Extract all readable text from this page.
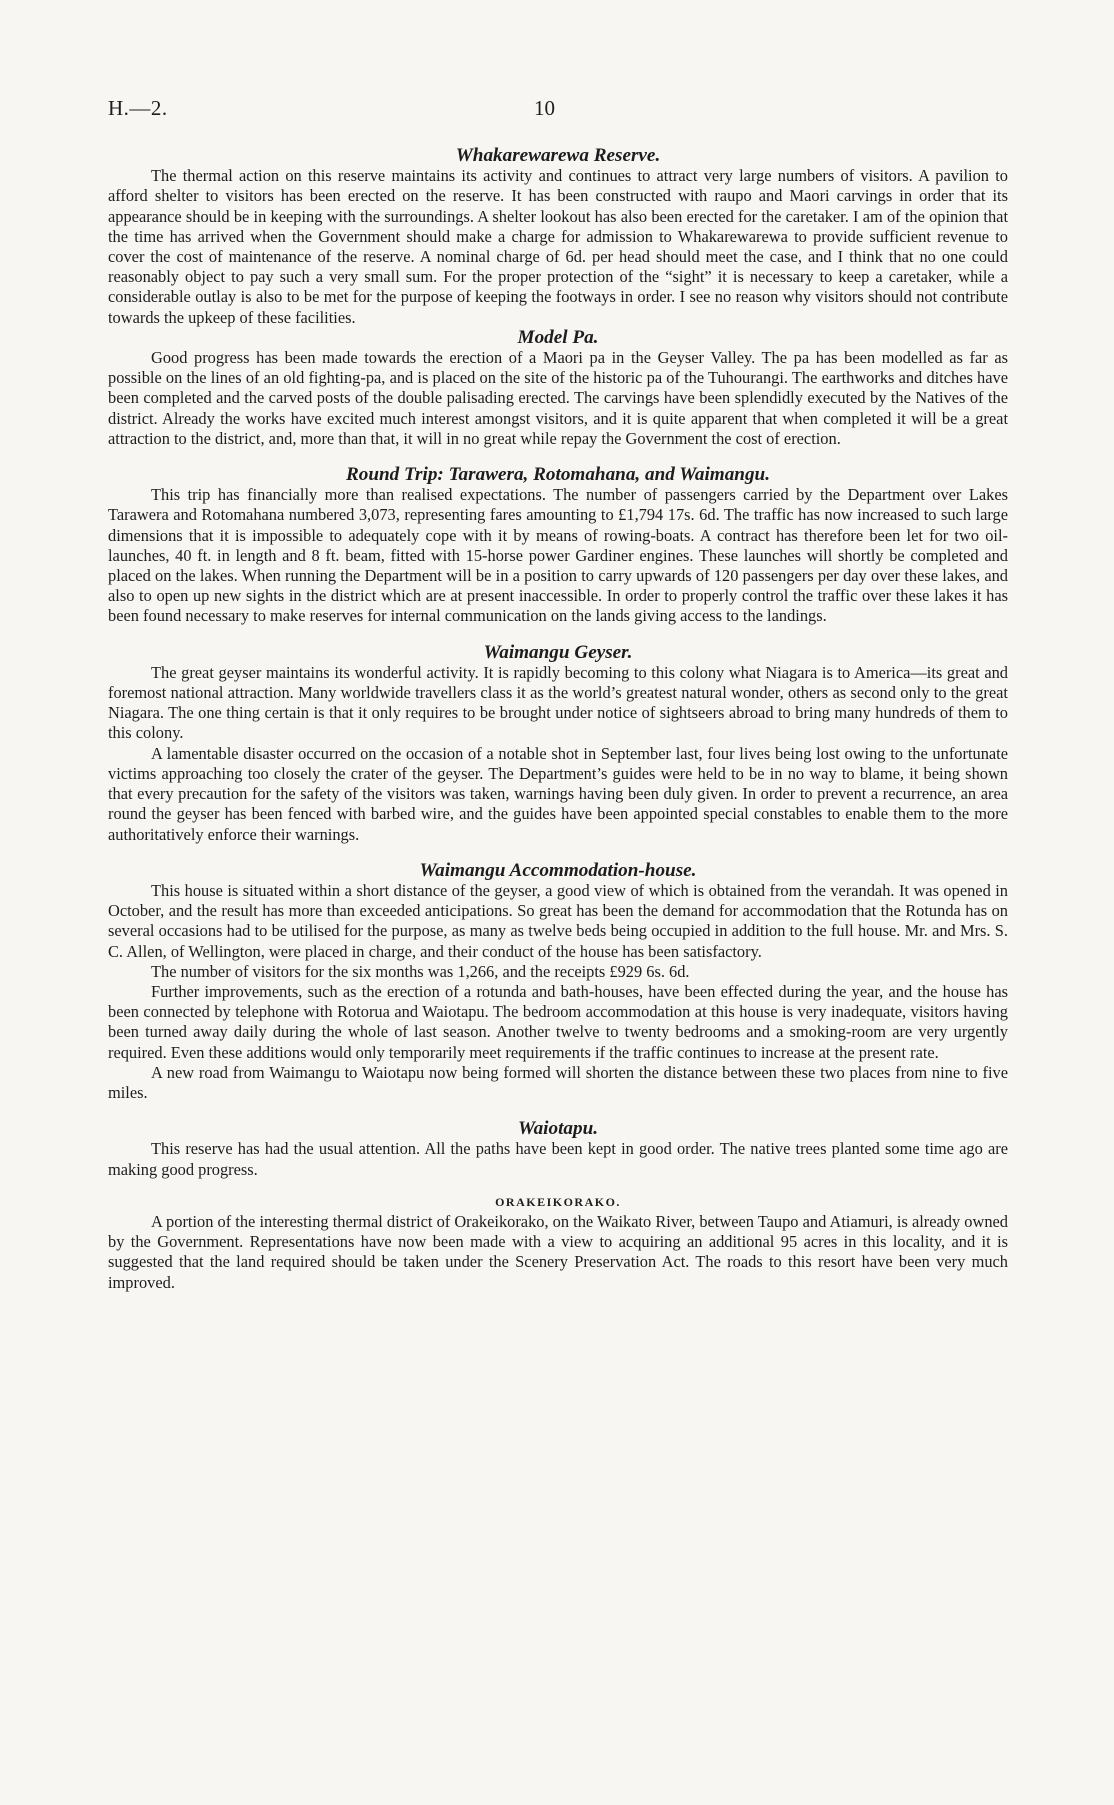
H.—2.	10
Whakarewarewa Reserve.

The thermal action on this reserve maintains its activity and continues to attract very large numbers of visitors. A pavilion to afford shelter to visitors has been erected on the reserve. It has been constructed with raupo and Maori carvings in order that its appearance should be in keeping with the surroundings. A shelter lookout has also been erected for the caretaker. I am of the opinion that the time has arrived when the Government should make a charge for admission to Whakarewarewa to provide sufficient revenue to cover the cost of maintenance of the reserve. A nominal charge of 6d. per head should meet the case, and I think that no one could reasonably object to pay such a very small sum. For the proper protection of the “sight” it is necessary to keep a caretaker, while a considerable outlay is also to be met for the purpose of keeping the footways in order. I see no reason why visitors should not contribute towards the upkeep of these facilities.

Model Pa.

Good progress has been made towards the erection of a Maori pa in the Geyser Valley. The pa has been modelled as far as possible on the lines of an old fighting-pa, and is placed on the site of the historic pa of the Tuhourangi. The earthworks and ditches have been completed and the carved posts of the double palisading erected. The carvings have been splendidly executed by the Natives of the district. Already the works have excited much interest amongst visitors, and it is quite apparent that when completed it will be a great attraction to the district, and, more than that, it will in no great while repay the Government the cost of erection.

Round Trip: Tarawera, Rotomahana, and Waimangu.

This trip has financially more than realised expectations. The number of passengers carried by the Department over Lakes Tarawera and Rotomahana numbered 3,073, representing fares amounting to £1,794 17s. 6d. The traffic has now increased to such large dimensions that it is impossible to adequately cope with it by means of rowing-boats. A contract has therefore been let for two oil-launches, 40 ft. in length and 8 ft. beam, fitted with 15-horse power Gardiner engines. These launches will shortly be completed and placed on the lakes. When running the Department will be in a position to carry upwards of 120 passengers per day over these lakes, and also to open up new sights in the district which are at present inaccessible. In order to properly control the traffic over these lakes it has been found necessary to make reserves for internal communication on the lands giving access to the landings.

Waimangu Geyser.

The great geyser maintains its wonderful activity. It is rapidly becoming to this colony what Niagara is to America—its great and foremost national attraction. Many worldwide travellers class it as the world’s greatest natural wonder, others as second only to the great Niagara. The one thing certain is that it only requires to be brought under notice of sightseers abroad to bring many hundreds of them to this colony.

A lamentable disaster occurred on the occasion of a notable shot in September last, four lives being lost owing to the unfortunate victims approaching too closely the crater of the geyser. The Department’s guides were held to be in no way to blame, it being shown that every precaution for the safety of the visitors was taken, warnings having been duly given. In order to prevent a recurrence, an area round the geyser has been fenced with barbed wire, and the guides have been appointed special constables to enable them to the more authoritatively enforce their warnings.

Waimangu Accommodation-house.

This house is situated within a short distance of the geyser, a good view of which is obtained from the verandah. It was opened in October, and the result has more than exceeded anticipations. So great has been the demand for accommodation that the Rotunda has on several occasions had to be utilised for the purpose, as many as twelve beds being occupied in addition to the full house. Mr. and Mrs. S. C. Allen, of Wellington, were placed in charge, and their conduct of the house has been satisfactory.

The number of visitors for the six months was 1,266, and the receipts £929 6s. 6d.

Further improvements, such as the erection of a rotunda and bath-houses, have been effected during the year, and the house has been connected by telephone with Rotorua and Waiotapu. The bedroom accommodation at this house is very inadequate, visitors having been turned away daily during the whole of last season. Another twelve to twenty bedrooms and a smoking-room are very urgently required. Even these additions would only temporarily meet requirements if the traffic continues to increase at the present rate.

A new road from Waimangu to Waiotapu now being formed will shorten the distance between these two places from nine to five miles.

Waiotapu.

This reserve has had the usual attention. All the paths have been kept in good order. The native trees planted some time ago are making good progress.

ORAKEIKORAKO.

A portion of the interesting thermal district of Orakeikorako, on the Waikato River, between Taupo and Atiamuri, is already owned by the Government. Representations have now been made with a view to acquiring an additional 95 acres in this locality, and it is suggested that the land required should be taken under the Scenery Preservation Act. The roads to this resort have been very much improved.
